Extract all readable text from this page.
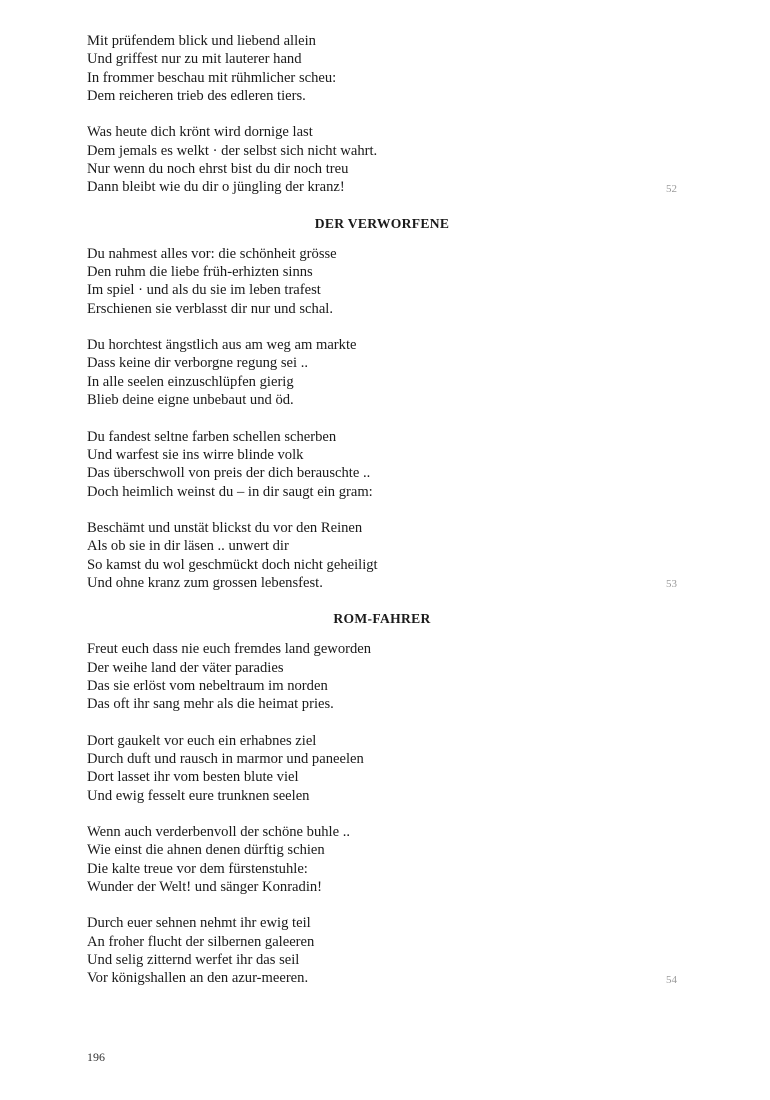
Mit prüfendem blick und liebend allein
Und griffest nur zu mit lauterer hand
In frommer beschau mit rühmlicher scheu:
Dem reicheren trieb des edleren tiers.
Was heute dich krönt wird dornige last
Dem jemals es welkt · der selbst sich nicht wahrt.
Nur wenn du noch ehrst bist du dir noch treu
Dann bleibt wie du dir o jüngling der kranz!	52
DER VERWORFENE
Du nahmest alles vor: die schönheit grösse
Den ruhm die liebe früh-erhizten sinns
Im spiel · und als du sie im leben trafest
Erschienen sie verblasst dir nur und schal.
Du horchtest ängstlich aus am weg am markte
Dass keine dir verborgne regung sei ..
In alle seelen einzuschlüpfen gierig
Blieb deine eigne unbebaut und öd.
Du fandest seltne farben schellen scherben
Und warfest sie ins wirre blinde volk
Das überschwoll von preis der dich berauschte ..
Doch heimlich weinst du – in dir saugt ein gram:
Beschämt und unstät blickst du vor den Reinen
Als ob sie in dir läsen .. unwert dir
So kamst du wol geschmückt doch nicht geheiligt
Und ohne kranz zum grossen lebensfest.	53
ROM-FAHRER
Freut euch dass nie euch fremdes land geworden
Der weihe land der väter paradies
Das sie erlöst vom nebeltraum im norden
Das oft ihr sang mehr als die heimat pries.
Dort gaukelt vor euch ein erhabnes ziel
Durch duft und rausch in marmor und paneelen
Dort lasset ihr vom besten blute viel
Und ewig fesselt eure trunknen seelen
Wenn auch verderbenvoll der schöne buhle ..
Wie einst die ahnen denen dürftig schien
Die kalte treue vor dem fürstenstuhle:
Wunder der Welt! und sänger Konradin!
Durch euer sehnen nehmt ihr ewig teil
An froher flucht der silbernen galeeren
Und selig zitternd werfet ihr das seil
Vor königshallen an den azur-meeren.	54
196
